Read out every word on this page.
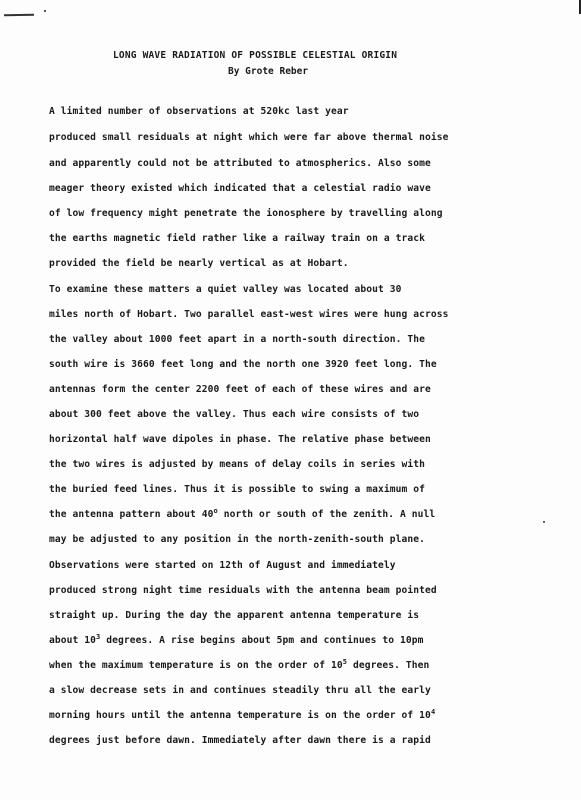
LONG WAVE RADIATION OF POSSIBLE CELESTIAL ORIGIN
By Grote Reber
A limited number of observations at 520kc last year
produced small residuals at night which were far above thermal noise
and apparently could not be attributed to atmospherics. Also some
meager theory existed which indicated that a celestial radio wave
of low frequency might penetrate the ionosphere by travelling along
the earths magnetic field rather like a railway train on a track
provided the field be nearly vertical as at Hobart.
To examine these matters a quiet valley was located about 30
miles north of Hobart. Two parallel east-west wires were hung across
the valley about 1000 feet apart in a north-south direction. The
south wire is 3660 feet long and the north one 3920 feet long. The
antennas form the center 2200 feet of each of these wires and are
about 300 feet above the valley. Thus each wire consists of two
horizontal half wave dipoles in phase. The relative phase between
the two wires is adjusted by means of delay coils in series with
the buried feed lines. Thus it is possible to swing a maximum of
the antenna pattern about 40$^o$ north or south of the zenith. A null
may be adjusted to any position in the north-zenith-south plane.
Observations were started on 12th of August and immediately
produced strong night time residuals with the antenna beam pointed
straight up. During the day the apparent antenna temperature is
about $10^3$ degrees. A rise begins about 5pm and continues to 10pm
when the maximum temperature is on the order of $10^5$ degrees. Then
a slow decrease sets in and continues steadily thru all the early
morning hours until the antenna temperature is on the order of $10^4$
degrees just before dawn. Immediately after dawn there is a rapid
